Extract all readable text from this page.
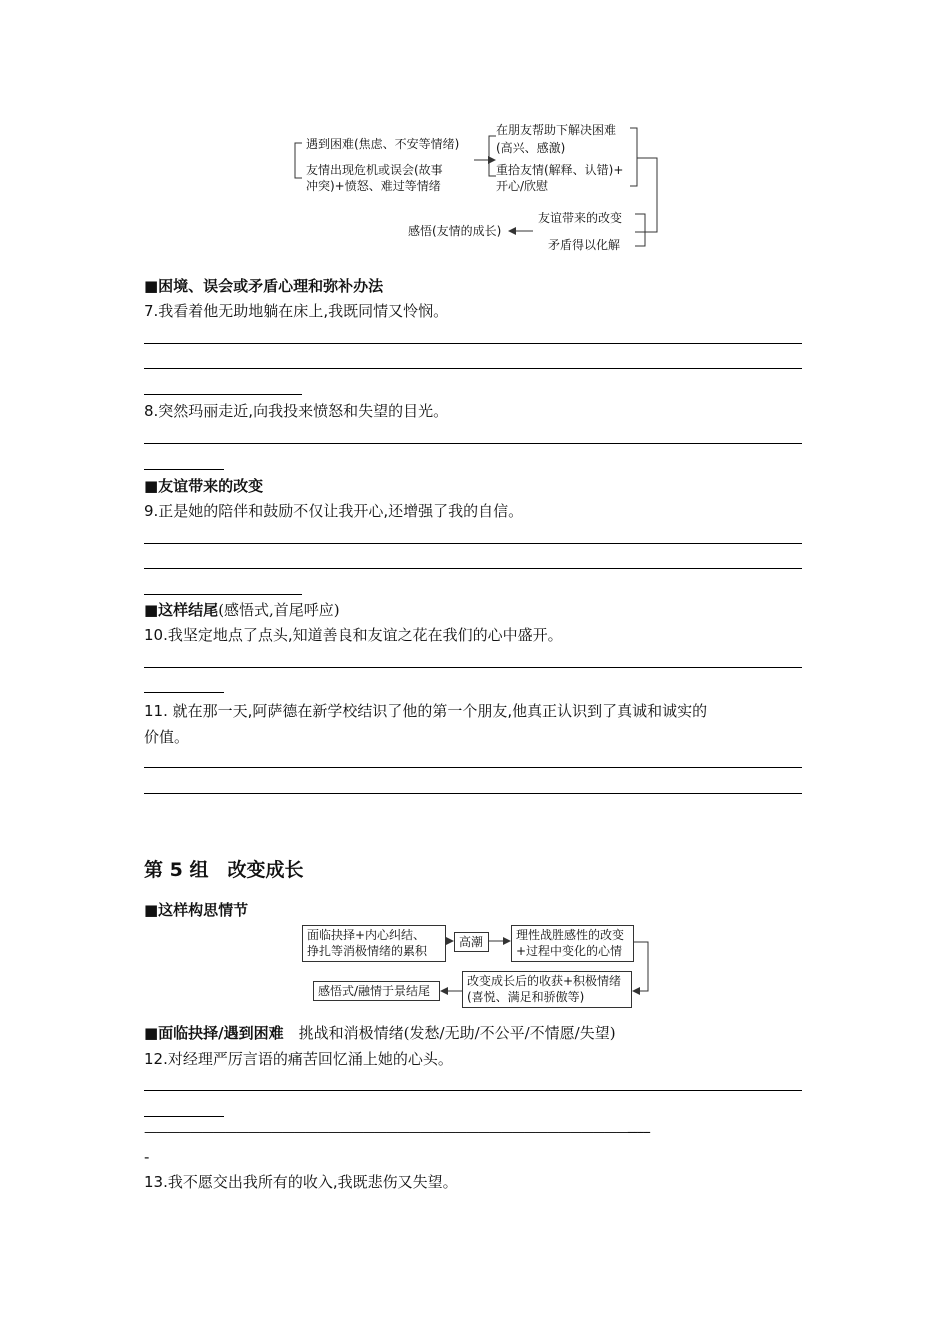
遇到困难(焦虑、不安等情绪)
友情出现危机或误会(故事
冲突)+愤怒、难过等情绪
在朋友帮助下解决困难
(高兴、感激)
重拾友情(解释、认错)+
开心/欣慰
友谊带来的改变
矛盾得以化解
感悟(友情的成长)
■困境、误会或矛盾心理和弥补办法
7.我看着他无助地躺在床上,我既同情又怜悯。
8.突然玛丽走近,向我投来愤怒和失望的目光。
■友谊带来的改变
9.正是她的陪伴和鼓励不仅让我开心,还增强了我的自信。
■这样结尾(感悟式,首尾呼应)
10.我坚定地点了点头,知道善良和友谊之花在我们的心中盛开。
11. 就在那一天,阿萨德在新学校结识了他的第一个朋友,他真正认识到了真诚和诚实的
价值。
第 5 组　改变成长
■这样构思情节
面临抉择+内心纠结、
挣扎等消极情绪的累积
高潮	理性战胜感性的改变
+过程中变化的心情
改变成长后的收获+积极情绪
(喜悦、满足和骄傲等)
感悟式/融情于景结尾
■面临抉择/遇到困难　挑战和消极情绪(发愁/无助/不公平/不情愿/失望)
12.对经理严厉言语的痛苦回忆涌上她的心头。
——————————————————————————————————————————-------
-
13.我不愿交出我所有的收入,我既悲伤又失望。
